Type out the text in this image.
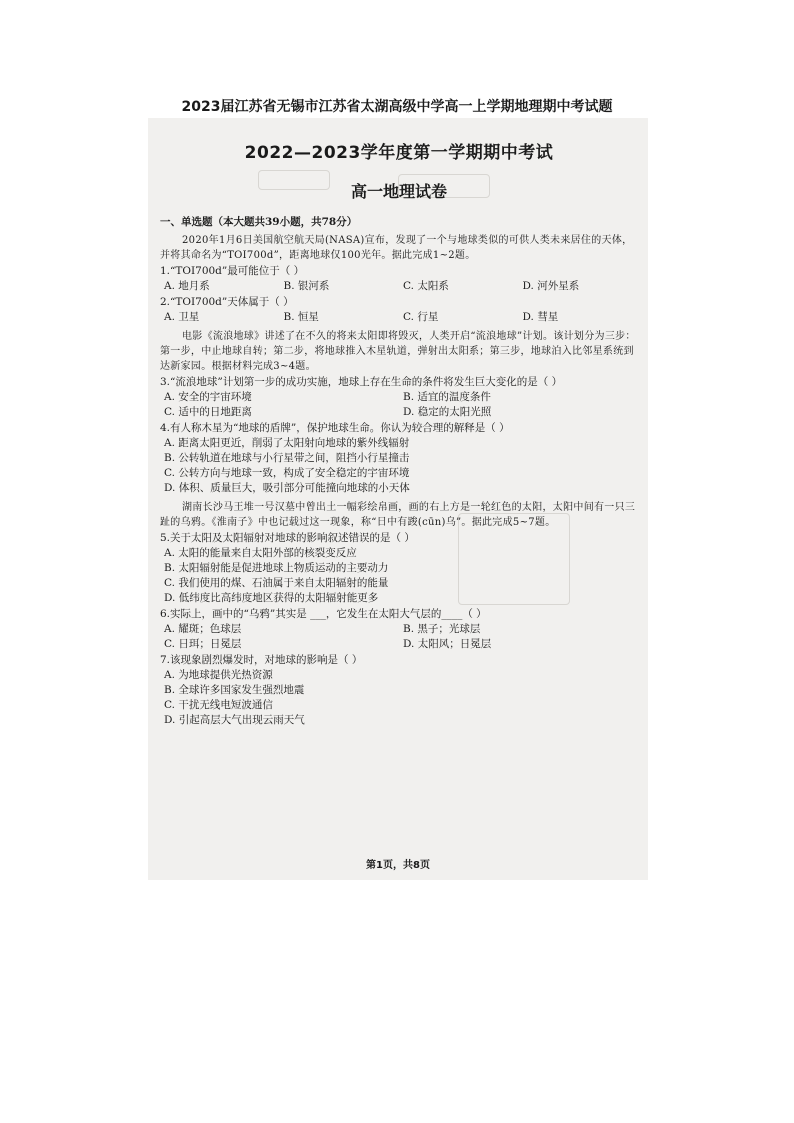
2023届江苏省无锡市江苏省太湖高级中学高一上学期地理期中考试题
2022—2023学年度第一学期期中考试
高一地理试卷
一、单选题（本大题共39小题，共78分）
2020年1月6日美国航空航天局(NASA)宣布，发现了一个与地球类似的可供人类未来居住的天体，并将其命名为“TOI700d”，距离地球仅100光年。据此完成1~2题。
1.“TOI700d”最可能位于（ ）
A. 地月系	B. 银河系	C. 太阳系	D. 河外星系
2.“TOI700d”天体属于（ ）
A. 卫星	B. 恒星	C. 行星	D. 彗星
电影《流浪地球》讲述了在不久的将来太阳即将毁灭，人类开启“流浪地球”计划。该计划分为三步：第一步，中止地球自转；第二步，将地球推入木星轨道，弹射出太阳系；第三步，地球泊入比邻星系统到达新家园。根据材料完成3~4题。
3.“流浪地球”计划第一步的成功实施，地球上存在生命的条件将发生巨大变化的是（ ）
A. 安全的宇宙环境	B. 适宜的温度条件
C. 适中的日地距离	D. 稳定的太阳光照
4.有人称木星为“地球的盾牌”，保护地球生命。你认为较合理的解释是（ ）
A. 距离太阳更近，削弱了太阳射向地球的紫外线辐射
B. 公转轨道在地球与小行星带之间，阻挡小行星撞击
C. 公转方向与地球一致，构成了安全稳定的宇宙环境
D. 体积、质量巨大，吸引部分可能撞向地球的小天体
湖南长沙马王堆一号汉墓中曾出土一幅彩绘帛画，画的右上方是一轮红色的太阳，太阳中间有一只三趾的乌鸦。《淮南子》中也记载过这一现象，称“日中有踆(cūn)乌”。据此完成5~7题。
5.关于太阳及太阳辐射对地球的影响叙述错误的是（ ）
A. 太阳的能量来自太阳外部的核裂变反应
B. 太阳辐射能是促进地球上物质运动的主要动力
C. 我们使用的煤、石油属于来自太阳辐射的能量
D. 低纬度比高纬度地区获得的太阳辐射能更多
6.实际上，画中的“乌鸦”其实是 ___，它发生在太阳大气层的____（ ）
A. 耀斑；色球层	B. 黑子；光球层
C. 日珥；日冕层	D. 太阳风；日冕层
7.该现象剧烈爆发时，对地球的影响是（ ）
A. 为地球提供光热资源
B. 全球许多国家发生强烈地震
C. 干扰无线电短波通信
D. 引起高层大气出现云雨天气
第1页，共8页
